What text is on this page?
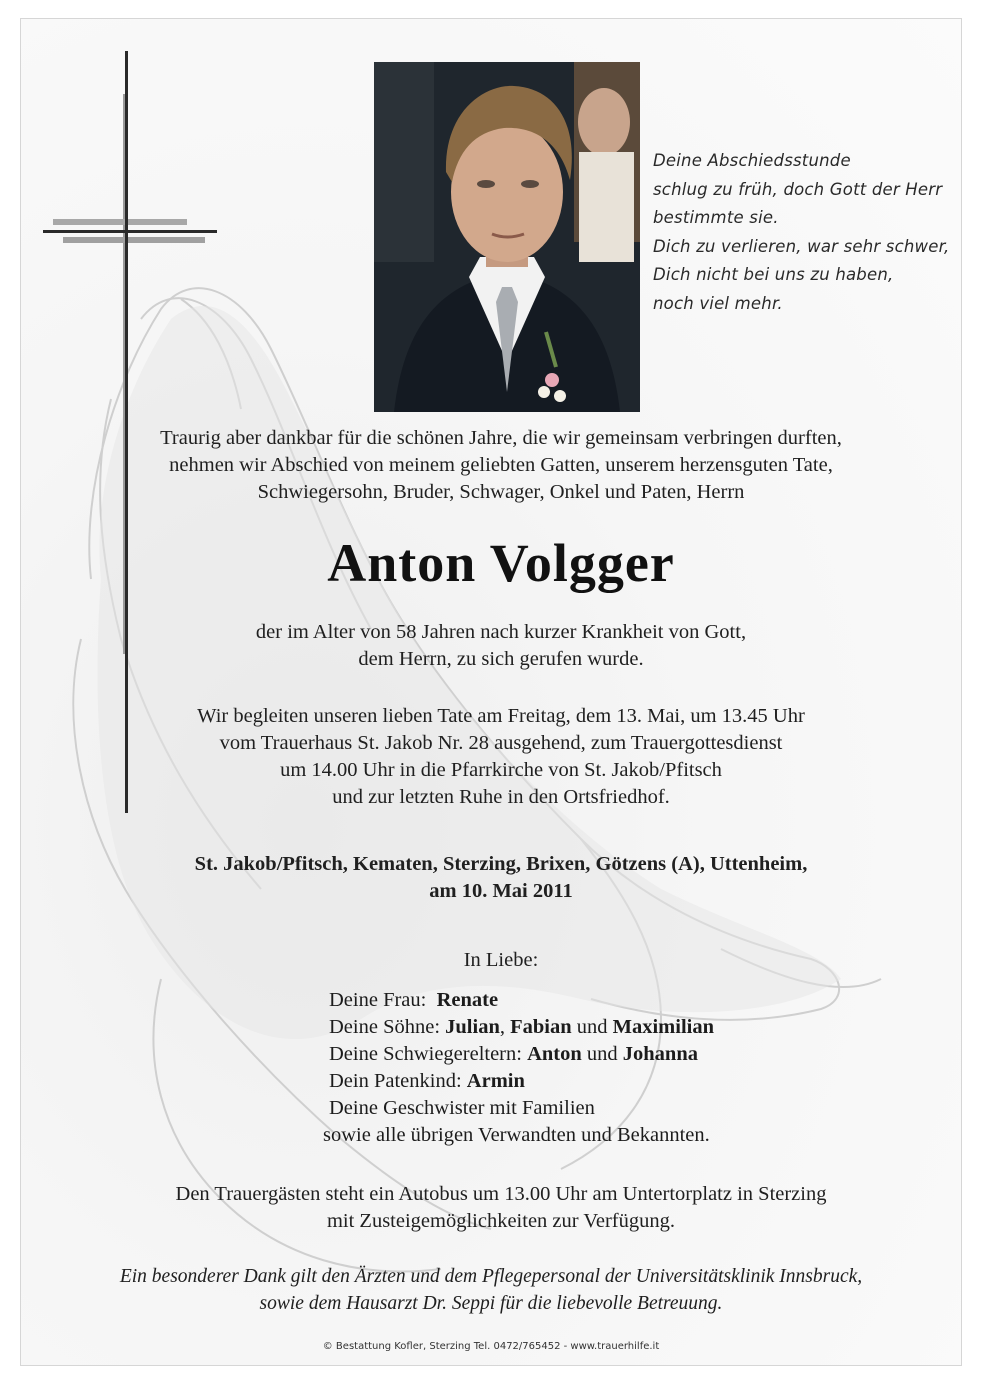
Deine Abschiedsstunde
schlug zu früh, doch Gott der Herr
bestimmte sie.
Dich zu verlieren, war sehr schwer,
Dich nicht bei uns zu haben,
noch viel mehr.
Traurig aber dankbar für die schönen Jahre, die wir gemeinsam verbringen durften,
nehmen wir Abschied von meinem geliebten Gatten, unserem herzensguten Tate,
Schwiegersohn, Bruder, Schwager, Onkel und Paten, Herrn
Anton Volgger
der im Alter von 58 Jahren nach kurzer Krankheit von Gott,
dem Herrn, zu sich gerufen wurde.
Wir begleiten unseren lieben Tate am Freitag, dem 13. Mai, um 13.45 Uhr
vom Trauerhaus St. Jakob Nr. 28 ausgehend, zum Trauergottesdienst
um 14.00 Uhr in die Pfarrkirche von St. Jakob/Pfitsch
und zur letzten Ruhe in den Ortsfriedhof.
St. Jakob/Pfitsch, Kematen, Sterzing, Brixen, Götzens (A), Uttenheim,
am 10. Mai 2011
In Liebe:
Deine Frau: Renate
Deine Söhne: Julian, Fabian und Maximilian
Deine Schwiegereltern: Anton und Johanna
Dein Patenkind: Armin
Deine Geschwister mit Familien
sowie alle übrigen Verwandten und Bekannten.
Den Trauergästen steht ein Autobus um 13.00 Uhr am Untertorplatz in Sterzing
mit Zusteigemöglichkeiten zur Verfügung.
Ein besonderer Dank gilt den Ärzten und dem Pflegepersonal der Universitätsklinik Innsbruck,
sowie dem Hausarzt Dr. Seppi für die liebevolle Betreuung.
© Bestattung Kofler, Sterzing Tel. 0472/765452 - www.trauerhilfe.it
